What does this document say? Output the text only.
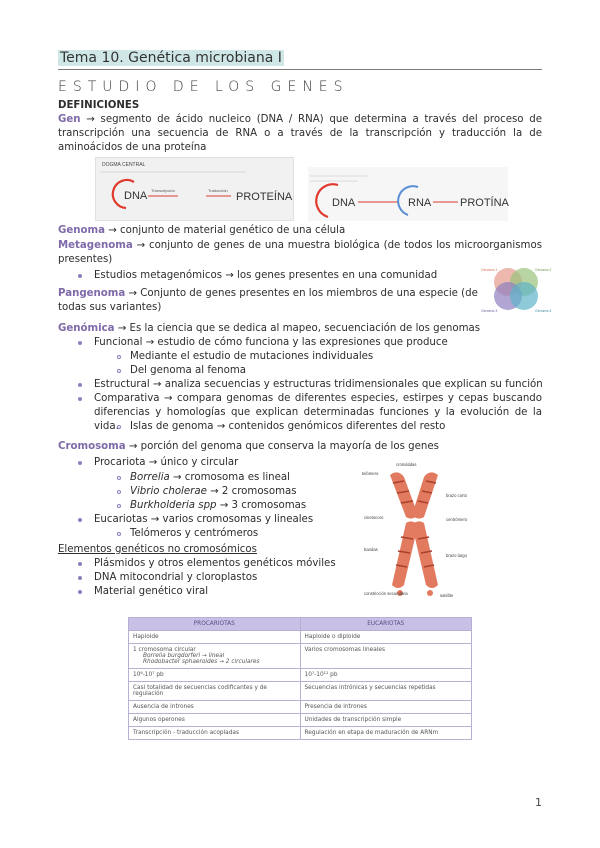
Tema 10. Genética microbiana I
ESTUDIO DE LOS GENES
DEFINICIONES
Gen → segmento de ácido nucleico (DNA / RNA) que determina a través del proceso de transcripción una secuencia de RNA o a través de la transcripción y traducción la de aminoácidos de una proteína
DOGMA CENTRAL
DNA Transcripción	Traducción
PROTEÍNA	DNA	RNA	PROTÍNA
Genoma → conjunto de material genético de una célula
Metagenoma → conjunto de genes de una muestra biológica (de todos los microorganismos presentes)
Estudios metagenómicos → los genes presentes en una comunidad
Pangenoma → Conjunto de genes presentes en los miembros de una especie (de todas sus variantes)
Genoma 1	Genoma 2
Genoma 3	Genoma 4
Genómica → Es la ciencia que se dedica al mapeo, secuenciación de los genomas
Funcional → estudio de cómo funciona y las expresiones que produce
Mediante el estudio de mutaciones individuales
Del genoma al fenoma
Estructural → analiza secuencias y estructuras tridimensionales que explican su función
Comparativa → compara genomas de diferentes especies, estirpes y cepas buscando diferencias y homologías que explican determinadas funciones y la evolución de la vida.	Islas de genoma → contenidos genómicos diferentes del resto
Cromosoma → porción del genoma que conserva la mayoría de los genes
Procariota → único y circular
Borrelia → cromosoma es lineal
Vibrio cholerae → 2 cromosomas
Burkholderia spp → 3 cromosomas
Eucariotas → varios cromosomas y lineales
Telómeros y centrómeros
cromátidas
telómero
brazo corto
centrómero
cinetocoro
bandas
brazo largo
constricción secundaria	satélite
Elementos genéticos no cromosómicos
Plásmidos y otros elementos genéticos móviles
DNA mitocondrial y cloroplastos
Material genético viral
PROCARIOTAS	EUCARIOTAS
Haploide	Haploide o diploide

1 cromosoma circular
Borrelia burgdorferi → lineal
Rhodobacter sphaeroides → 2 circulares	Varios cromosomas lineales
10⁶-10⁷ pb	10⁷-10¹¹ pb
Casi totalidad de secuencias codificantes y de regulación	Secuencias intrónicas y secuencias repetidas
Ausencia de intrones	Presencia de intrones
Algunos operones	Unidades de transcripción simple
Transcripción - traducción acopladas	Regulación en etapa de maduración de ARNm
1
